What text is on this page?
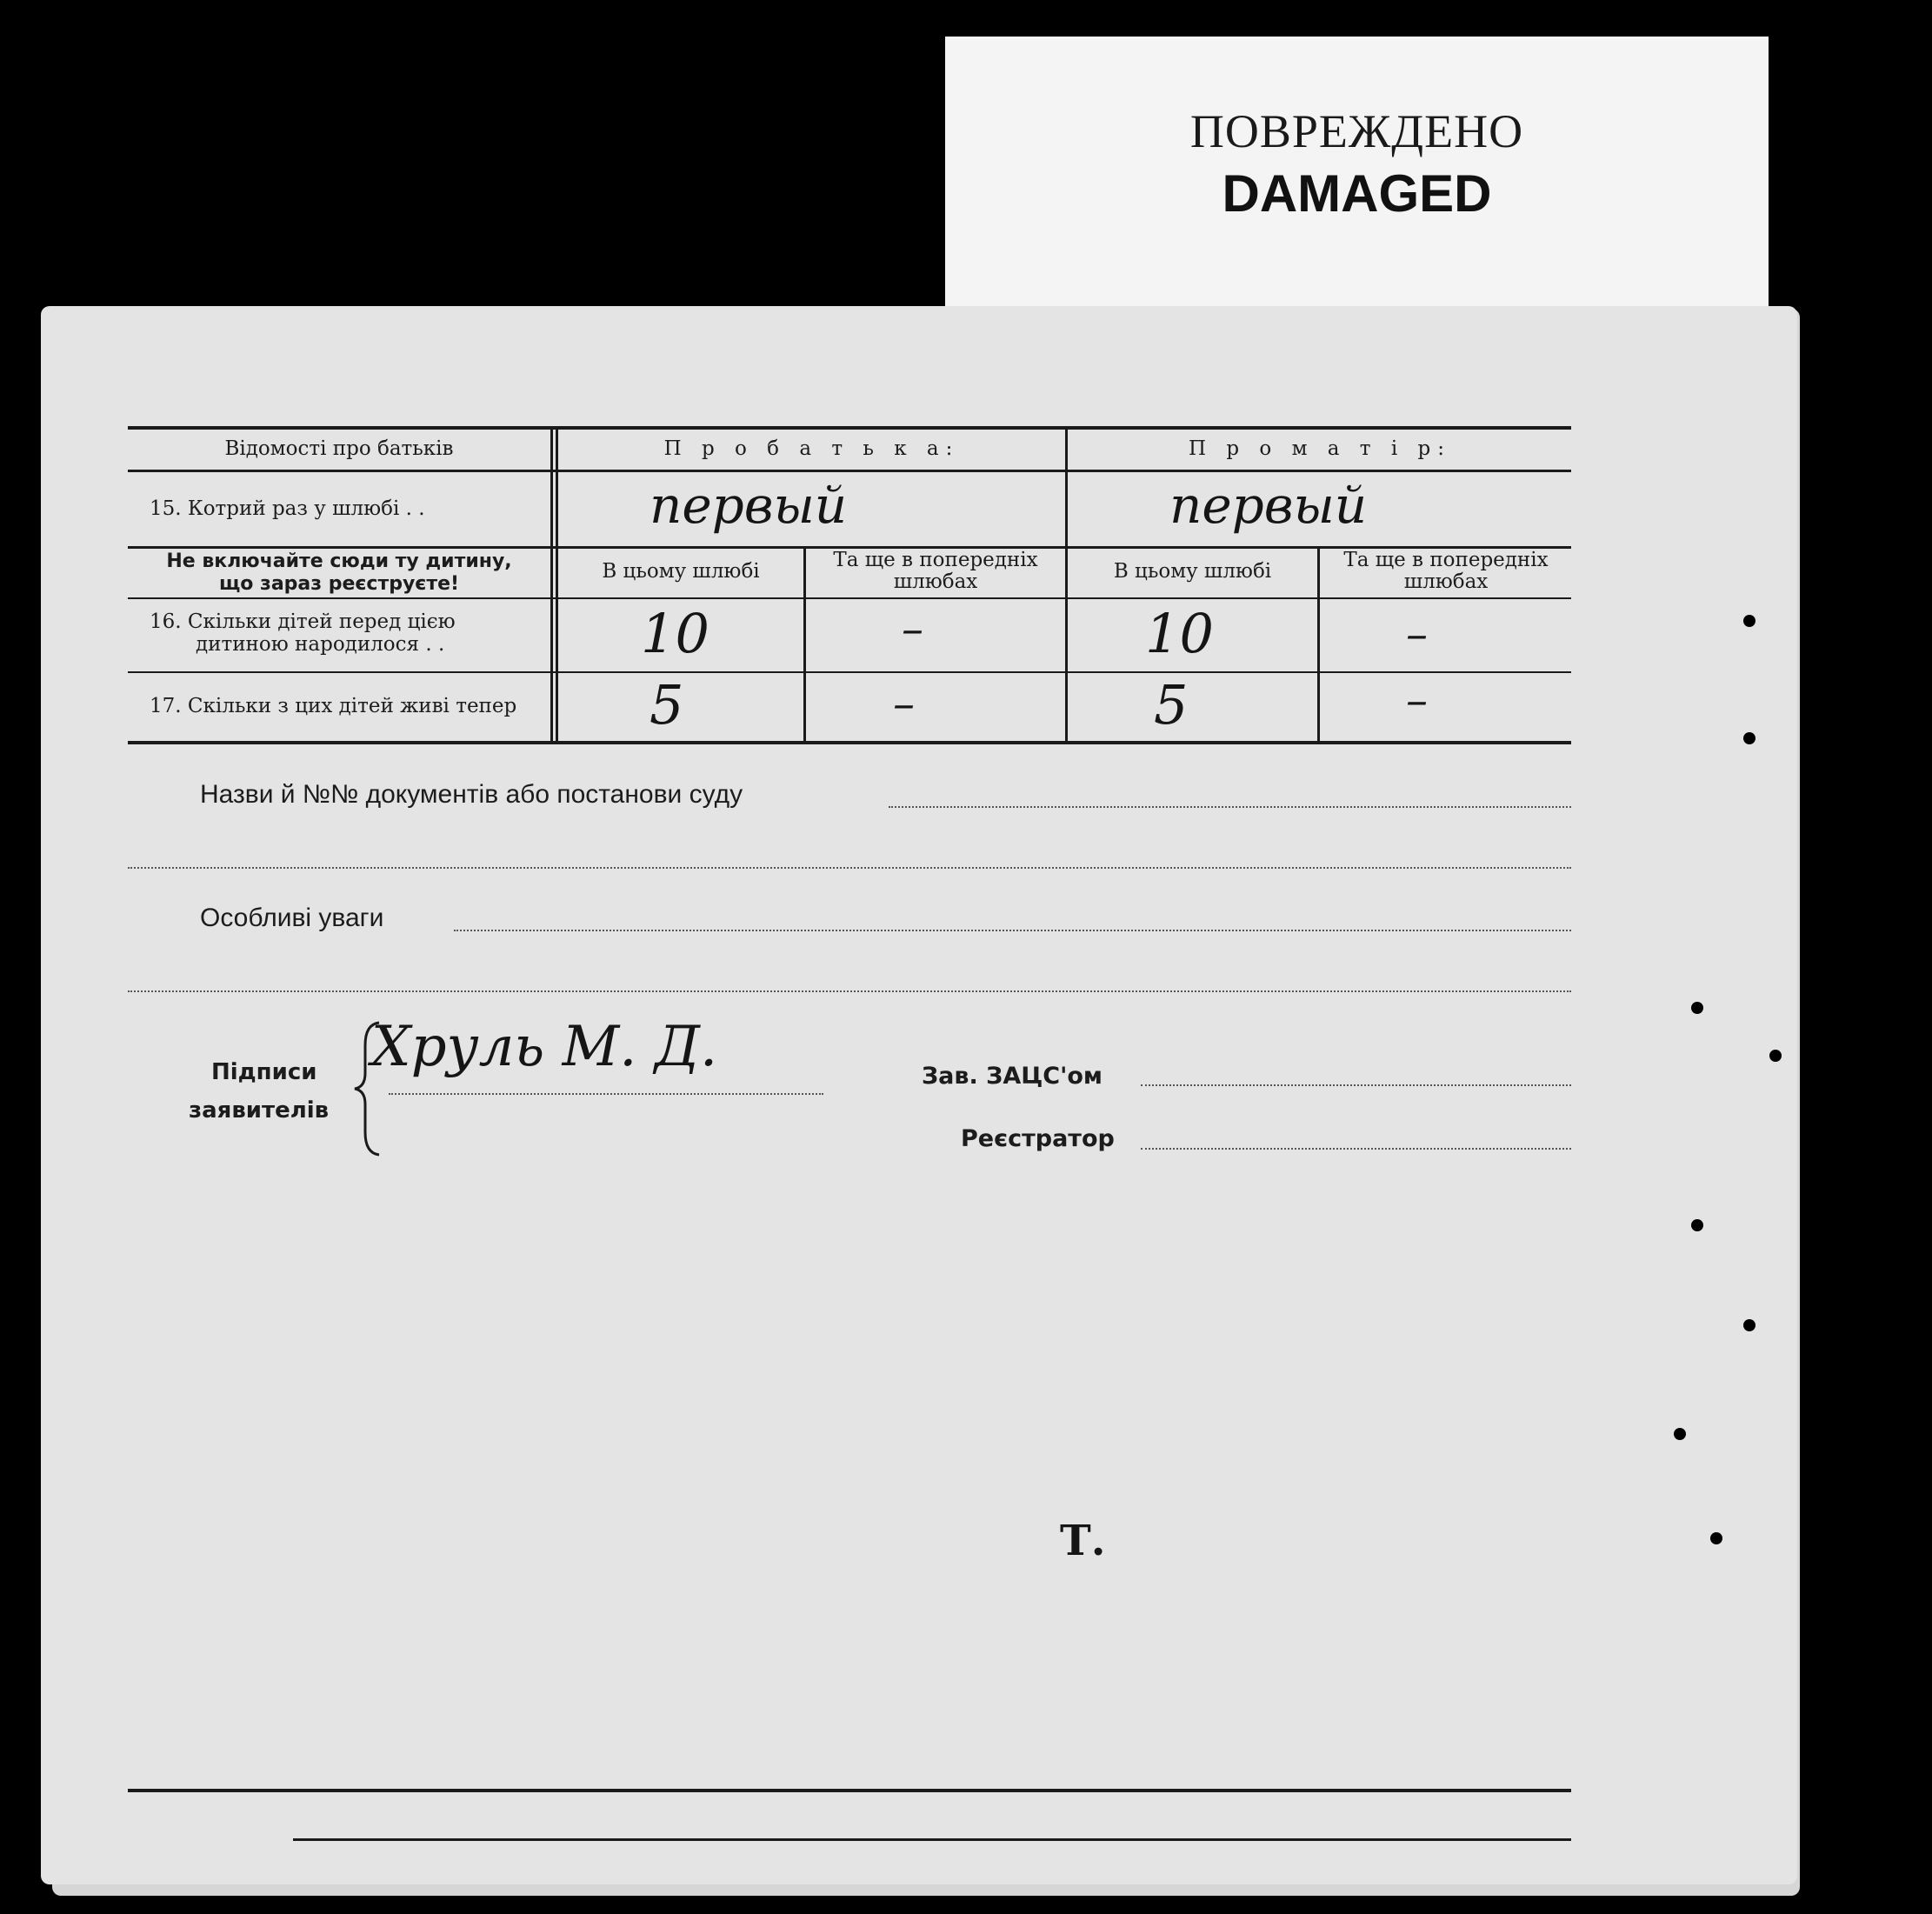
ПОВРЕЖДЕНО
DAMAGED
Відомості про батьків	П р о б а т ь к а:	П р о м а т і р:
15. Котрий раз у шлюбі . .	первый	первый
Не включайте сюди ту дитину,
що зараз реєструєте!
В цьому шлюбі	Та ще в попередніх шлюбах	В цьому шлюбі	Та ще в попередніх шлюбах
16. Скільки дітей перед цією
дитиною народилося . .	10	–	10	–
17. Скільки з цих дітей живі тепер 5	–	5	–
Назви й №№ документів або постанови суду
Особливі уваги
Підписи
заявителів
Хруль М. Д.	Зав. ЗАЦС'ом
Реєстратор
Т.
